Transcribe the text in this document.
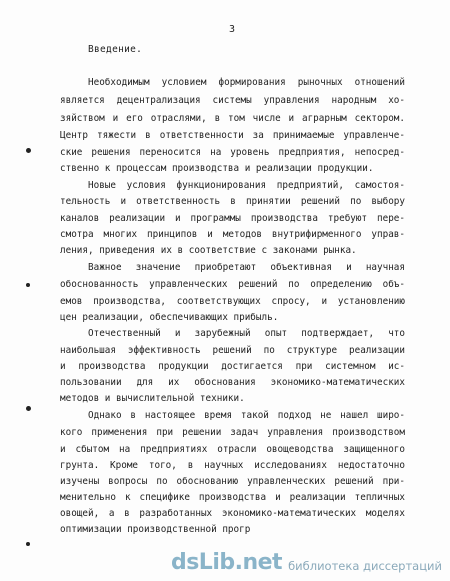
3
Введение.
Необходимым условием формирования рыночных отношений
является децентрализация системы управления народным хо-
зяйством и его отраслями, в том числе и аграрным сектором.
Центр тяжести в ответственности за принимаемые управленче-
ские решения переносится на уровень предприятия, непосред-
ственно к процессам производства и реализации продукции.
Новые условия функционирования предприятий, самостоя-
тельность и ответственность в принятии решений по выбору
каналов реализации и программы производства требуют пере-
смотра многих принципов и методов внутрифирменного управ-
ления, приведения их в соответствие с законами рынка.
Важное значение приобретают объективная и научная
обоснованность управленческих решений по определению объ-
емов производства, соответствующих спросу, и установлению
цен реализации, обеспечивающих прибыль.
Отечественный и зарубежный опыт подтверждает, что
наибольшая эффективность решений по структуре реализации
и производства продукции достигается при системном ис-
пользовании для их обоснования экономико-математических
методов и вычислительной техники.
Однако в настоящее время такой подход не нашел широ-
кого применения при решении задач управления производством
и сбытом на предприятиях отрасли овощеводства защищенного
грунта. Кроме того, в научных исследованиях недостаточно
изучены вопросы по обоснованию управленческих решений при-
менительно к специфике производства и реализации тепличных
овощей, а в разработанных экономико-математических моделях
оптимизации производственной прогр
dsLib.net библиотека диссертаций
